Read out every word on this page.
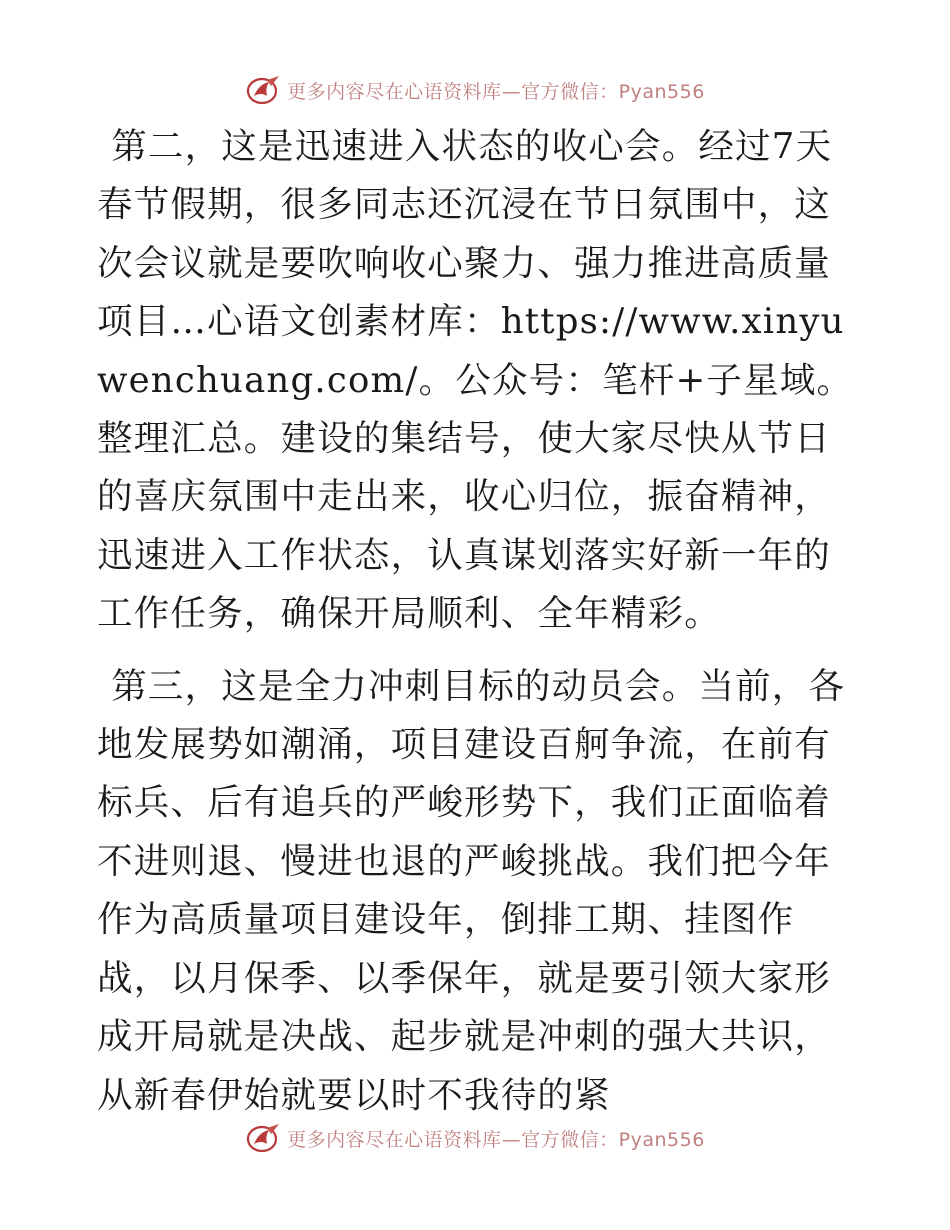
更多内容尽在心语资料库—官方微信：Pyan556

第二，这是迅速进入状态的收心会。经过7天春节假期，很多同志还沉浸在节日氛围中，这次会议就是要吹响收心聚力、强力推进高质量项目…心语文创素材库：https://www.xinyuwenchuang.com/。公众号：笔杆+子星域。整理汇总。建设的集结号，使大家尽快从节日的喜庆氛围中走出来，收心归位，振奋精神，迅速进入工作状态，认真谋划落实好新一年的工作任务，确保开局顺利、全年精彩。

第三，这是全力冲刺目标的动员会。当前，各地发展势如潮涌，项目建设百舸争流，在前有标兵、后有追兵的严峻形势下，我们正面临着不进则退、慢进也退的严峻挑战。我们把今年作为高质量项目建设年，倒排工期、挂图作战，以月保季、以季保年，就是要引领大家形成开局就是决战、起步就是冲刺的强大共识，从新春伊始就要以时不我待的紧

更多内容尽在心语资料库—官方微信：Pyan556
